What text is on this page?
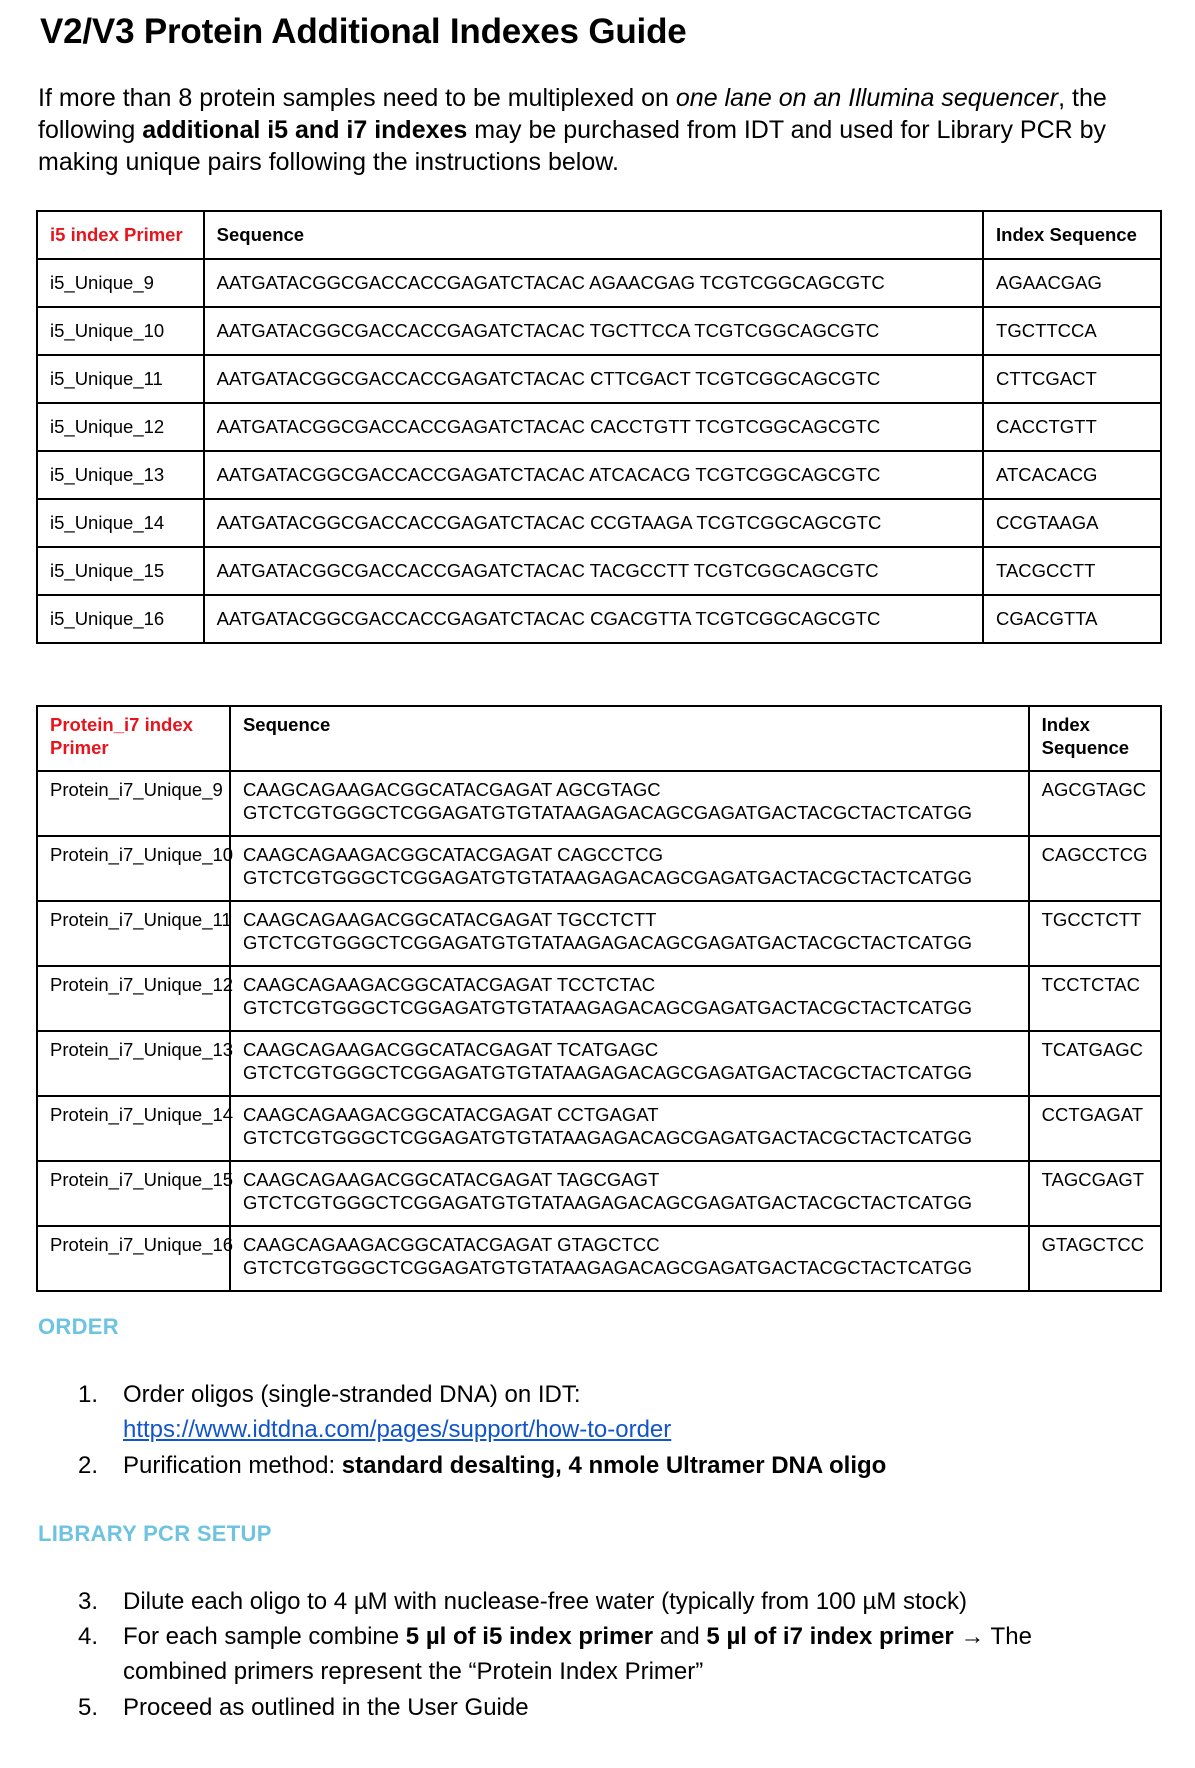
V2/V3 Protein Additional Indexes Guide

If more than 8 protein samples need to be multiplexed on one lane on an Illumina sequencer, the following additional i5 and i7 indexes may be purchased from IDT and used for Library PCR by making unique pairs following the instructions below.

i5 index Primer	Sequence	Index Sequence
i5_Unique_9	AATGATACGGCGACCACCGAGATCTACAC AGAACGAG TCGTCGGCAGCGTC	AGAACGAG
i5_Unique_10	AATGATACGGCGACCACCGAGATCTACAC TGCTTCCA TCGTCGGCAGCGTC	TGCTTCCA
i5_Unique_11	AATGATACGGCGACCACCGAGATCTACAC CTTCGACT TCGTCGGCAGCGTC	CTTCGACT
i5_Unique_12	AATGATACGGCGACCACCGAGATCTACAC CACCTGTT TCGTCGGCAGCGTC	CACCTGTT
i5_Unique_13	AATGATACGGCGACCACCGAGATCTACAC ATCACACG TCGTCGGCAGCGTC	ATCACACG
i5_Unique_14	AATGATACGGCGACCACCGAGATCTACAC CCGTAAGA TCGTCGGCAGCGTC	CCGTAAGA
i5_Unique_15	AATGATACGGCGACCACCGAGATCTACAC TACGCCTT TCGTCGGCAGCGTC	TACGCCTT
i5_Unique_16	AATGATACGGCGACCACCGAGATCTACAC CGACGTTA TCGTCGGCAGCGTC	CGACGTTA
Protein_i7 index Primer	Sequence	Index Sequence
Protein_i7_Unique_9	CAAGCAGAAGACGGCATACGAGAT AGCGTAGC GTCTCGTGGGCTCGGAGATGTGTATAAGAGACAGCGAGATGACTACGCTACTCATGG	AGCGTAGC
Protein_i7_Unique_10	CAAGCAGAAGACGGCATACGAGAT CAGCCTCG GTCTCGTGGGCTCGGAGATGTGTATAAGAGACAGCGAGATGACTACGCTACTCATGG	CAGCCTCG
Protein_i7_Unique_11	CAAGCAGAAGACGGCATACGAGAT TGCCTCTT GTCTCGTGGGCTCGGAGATGTGTATAAGAGACAGCGAGATGACTACGCTACTCATGG	TGCCTCTT
Protein_i7_Unique_12	CAAGCAGAAGACGGCATACGAGAT TCCTCTAC GTCTCGTGGGCTCGGAGATGTGTATAAGAGACAGCGAGATGACTACGCTACTCATGG	TCCTCTAC
Protein_i7_Unique_13	CAAGCAGAAGACGGCATACGAGAT TCATGAGC GTCTCGTGGGCTCGGAGATGTGTATAAGAGACAGCGAGATGACTACGCTACTCATGG	TCATGAGC
Protein_i7_Unique_14	CAAGCAGAAGACGGCATACGAGAT CCTGAGAT GTCTCGTGGGCTCGGAGATGTGTATAAGAGACAGCGAGATGACTACGCTACTCATGG	CCTGAGAT
Protein_i7_Unique_15	CAAGCAGAAGACGGCATACGAGAT TAGCGAGT GTCTCGTGGGCTCGGAGATGTGTATAAGAGACAGCGAGATGACTACGCTACTCATGG	TAGCGAGT
Protein_i7_Unique_16	CAAGCAGAAGACGGCATACGAGAT GTAGCTCC GTCTCGTGGGCTCGGAGATGTGTATAAGAGACAGCGAGATGACTACGCTACTCATGG	GTAGCTCC
ORDER
1.	Order oligos (single-stranded DNA) on IDT:
https://www.idtdna.com/pages/support/how-to-order
2.	Purification method: standard desalting, 4 nmole Ultramer DNA oligo
LIBRARY PCR SETUP
3.	Dilute each oligo to 4 µM with nuclease-free water (typically from 100 µM stock)
4.	For each sample combine 5 µl of i5 index primer and 5 µl of i7 index primer → The combined primers represent the “Protein Index Primer”
5.	Proceed as outlined in the User Guide
